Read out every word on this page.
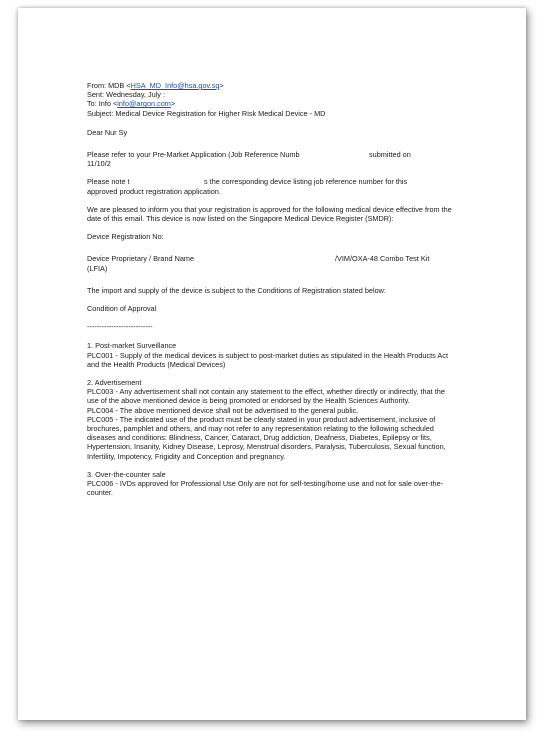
From: MDB <HSA_MD_Info@hsa.gov.sg>

Sent: Wednesday, July :

To: Info <info@argon.com>

Subject: Medical Device Registration for Higher Risk Medical Device - MD

Dear Nur Sy

Please refer to your Pre-Market Application (Job Reference Numb	submitted on

11/10/2

Please note t	s the corresponding device listing job reference number for this

approved product registration application.

We are pleased to inform you that your registration is approved for the following medical device effective from the date of this email. This device is now listed on the Singapore Medical Device Register (SMDR):

Device Registration No:

Device Proprietary / Brand Name	/VIM/OXA-48 Combo Test Kit

(LFIA)

The import and supply of the device is subject to the Conditions of Registration stated below:

Condition of Approval

---------------------------

1. Post-market Surveillance

PLC001 - Supply of the medical devices is subject to post-market duties as stipulated in the Health Products Act and the Health Products (Medical Devices)

2. Advertisement

PLC003 - Any advertisement shall not contain any statement to the effect, whether directly or indirectly, that the use of the above mentioned device is being promoted or endorsed by the Health Sciences Authority.

PLC004 - The above mentioned device shall not be advertised to the general public.

PLC005 - The indicated use of the product must be clearly stated in your product advertisement, inclusive of brochures, pamphlet and others, and may not refer to any representation relating to the following scheduled diseases and conditions: Blindness, Cancer, Cataract, Drug addiction, Deafness, Diabetes, Epilepsy or fits, Hypertension, Insanity, Kidney Disease, Leprosy, Menstrual disorders, Paralysis, Tuberculosis, Sexual function, Infertility, Impotency, Frigidity and Conception and pregnancy.

3. Over-the-counter sale

PLC006 - IVDs approved for Professional Use Only are not for self-testing/home use and not for sale over-the-counter.
